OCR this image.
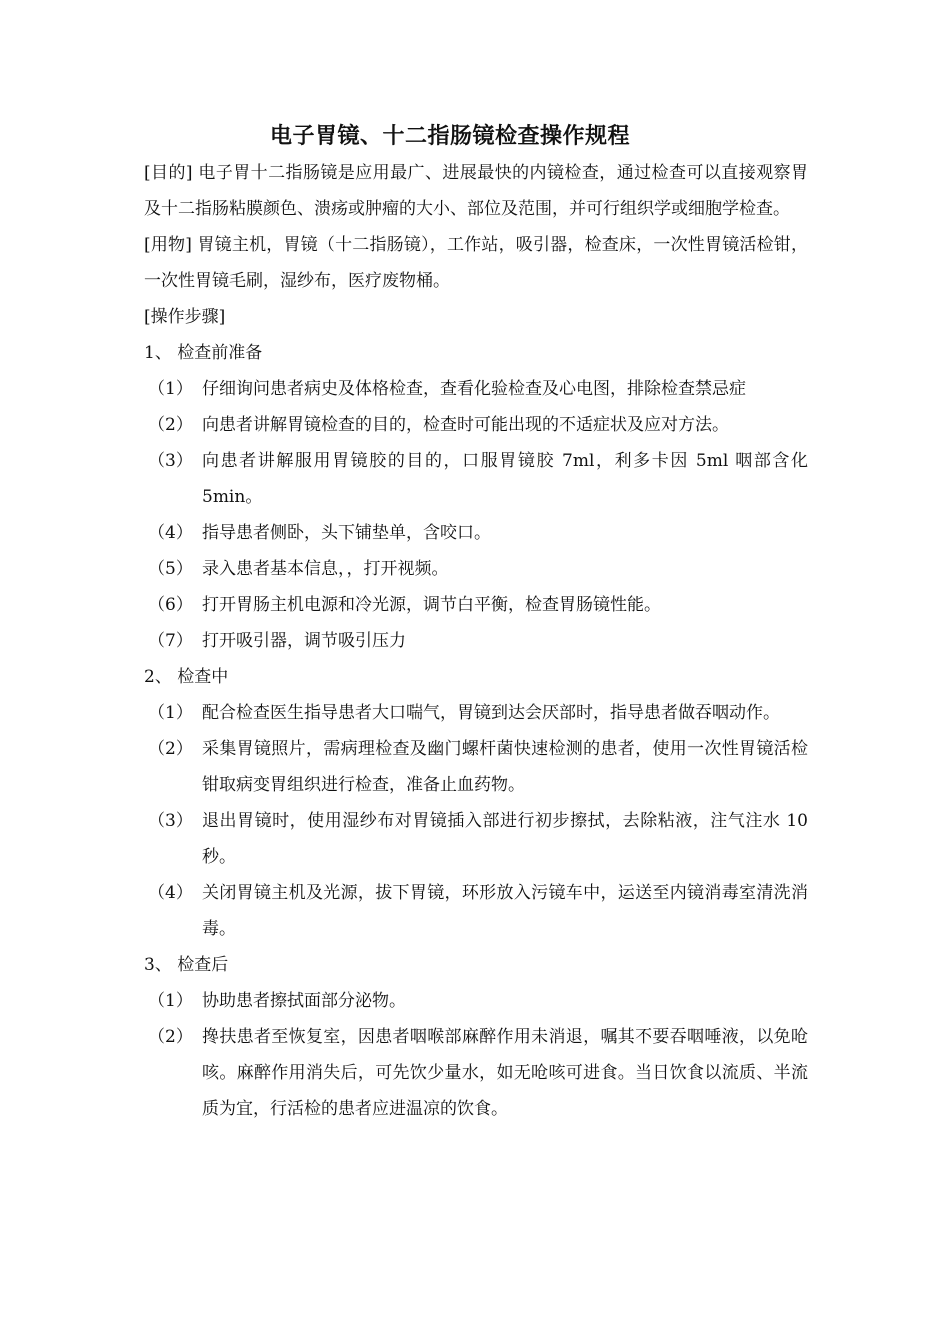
电子胃镜、十二指肠镜检查操作规程

[目的] 电子胃十二指肠镜是应用最广、进展最快的内镜检查，通过检查可以直接观察胃及十二指肠粘膜颜色、溃疡或肿瘤的大小、部位及范围，并可行组织学或细胞学检查。

[用物] 胃镜主机，胃镜（十二指肠镜），工作站，吸引器，检查床，一次性胃镜活检钳，一次性胃镜毛刷，湿纱布，医疗废物桶。

[操作步骤]

1、 检查前准备

（1） 仔细询问患者病史及体格检查，查看化验检查及心电图，排除检查禁忌症
（2） 向患者讲解胃镜检查的目的，检查时可能出现的不适症状及应对方法。
（3） 向患者讲解服用胃镜胶的目的，口服胃镜胶 7ml，利多卡因 5ml 咽部含化 5min。
（4） 指导患者侧卧，头下铺垫单，含咬口。
（5） 录入患者基本信息，，打开视频。
（6） 打开胃肠主机电源和冷光源，调节白平衡，检查胃肠镜性能。
（7） 打开吸引器，调节吸引压力

2、 检查中

（1） 配合检查医生指导患者大口喘气，胃镜到达会厌部时，指导患者做吞咽动作。
（2） 采集胃镜照片，需病理检查及幽门螺杆菌快速检测的患者，使用一次性胃镜活检钳取病变胃组织进行检查，准备止血药物。
（3） 退出胃镜时，使用湿纱布对胃镜插入部进行初步擦拭，去除粘液，注气注水 10 秒。
（4） 关闭胃镜主机及光源，拔下胃镜，环形放入污镜车中，运送至内镜消毒室清洗消毒。

3、 检查后

（1） 协助患者擦拭面部分泌物。
（2） 搀扶患者至恢复室，因患者咽喉部麻醉作用未消退，嘱其不要吞咽唾液，以免呛咳。麻醉作用消失后，可先饮少量水，如无呛咳可进食。当日饮食以流质、半流质为宜，行活检的患者应进温凉的饮食。
